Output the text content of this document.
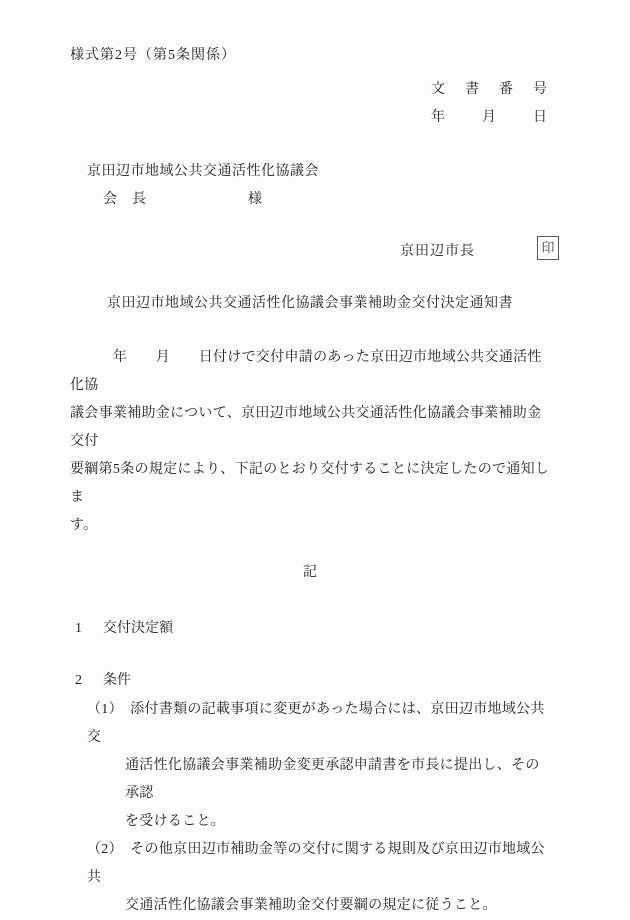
様式第2号（第5条関係）
文　書　番　号
年　　月　　日
京田辺市地域公共交通活性化協議会
会　長　　　　　　　様
京田辺市長	印
京田辺市地域公共交通活性化協議会事業補助金交付決定通知書
　　　年　　月　　日付けで交付申請のあった京田辺市地域公共交通活性化協
議会事業補助金について、京田辺市地域公共交通活性化協議会事業補助金交付
要綱第5条の規定により、下記のとおり交付することに決定したので通知しま
す。
記
1	交付決定額
2	条件
（1）　添付書類の記載事項に変更があった場合には、京田辺市地域公共交
通活性化協議会事業補助金変更承認申請書を市長に提出し、その承認
を受けること。
（2）　その他京田辺市補助金等の交付に関する規則及び京田辺市地域公共
交通活性化協議会事業補助金交付要綱の規定に従うこと。
